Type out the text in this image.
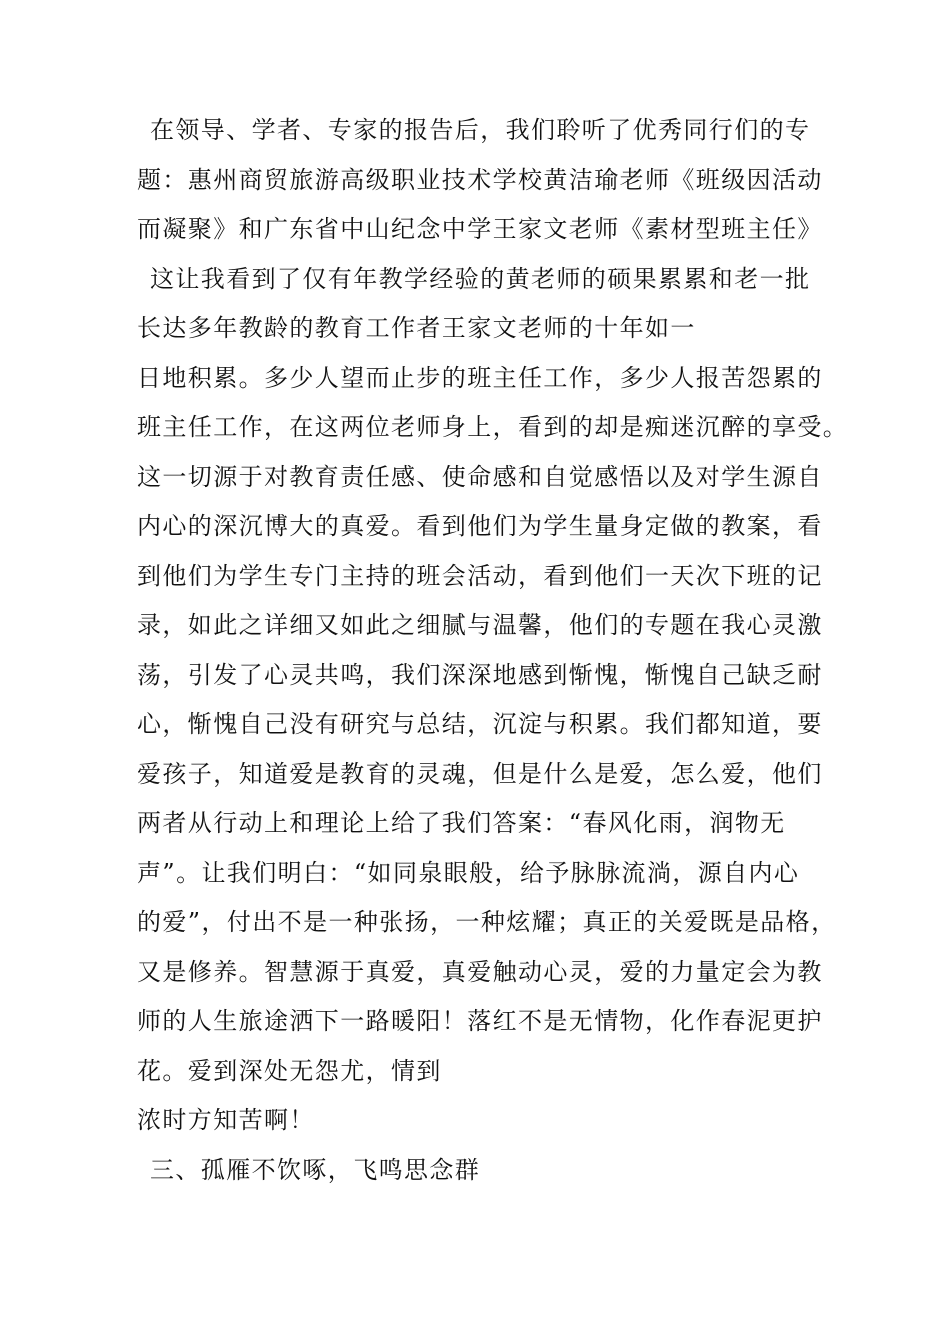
在领导、学者、专家的报告后，我们聆听了优秀同行们的专

题：惠州商贸旅游高级职业技术学校黄洁瑜老师《班级因活动

而凝聚》和广东省中山纪念中学王家文老师《素材型班主任》

这让我看到了仅有年教学经验的黄老师的硕果累累和老一批

长达多年教龄的教育工作者王家文老师的十年如一

日地积累。多少人望而止步的班主任工作，多少人报苦怨累的

班主任工作，在这两位老师身上，看到的却是痴迷沉醉的享受。

这一切源于对教育责任感、使命感和自觉感悟以及对学生源自

内心的深沉博大的真爱。看到他们为学生量身定做的教案，看

到他们为学生专门主持的班会活动，看到他们一天次下班的记

录，如此之详细又如此之细腻与温馨，他们的专题在我心灵激

荡，引发了心灵共鸣，我们深深地感到惭愧，惭愧自己缺乏耐

心，惭愧自己没有研究与总结，沉淀与积累。我们都知道，要

爱孩子，知道爱是教育的灵魂，但是什么是爱，怎么爱，他们

两者从行动上和理论上给了我们答案：“春风化雨，润物无

声”。让我们明白：“如同泉眼般，给予脉脉流淌，源自内心

的爱”，付出不是一种张扬，一种炫耀；真正的关爱既是品格，

又是修养。智慧源于真爱，真爱触动心灵，爱的力量定会为教

师的人生旅途洒下一路暖阳！落红不是无情物，化作春泥更护

花。爱到深处无怨尤，情到

浓时方知苦啊！

三、孤雁不饮啄，飞鸣思念群
